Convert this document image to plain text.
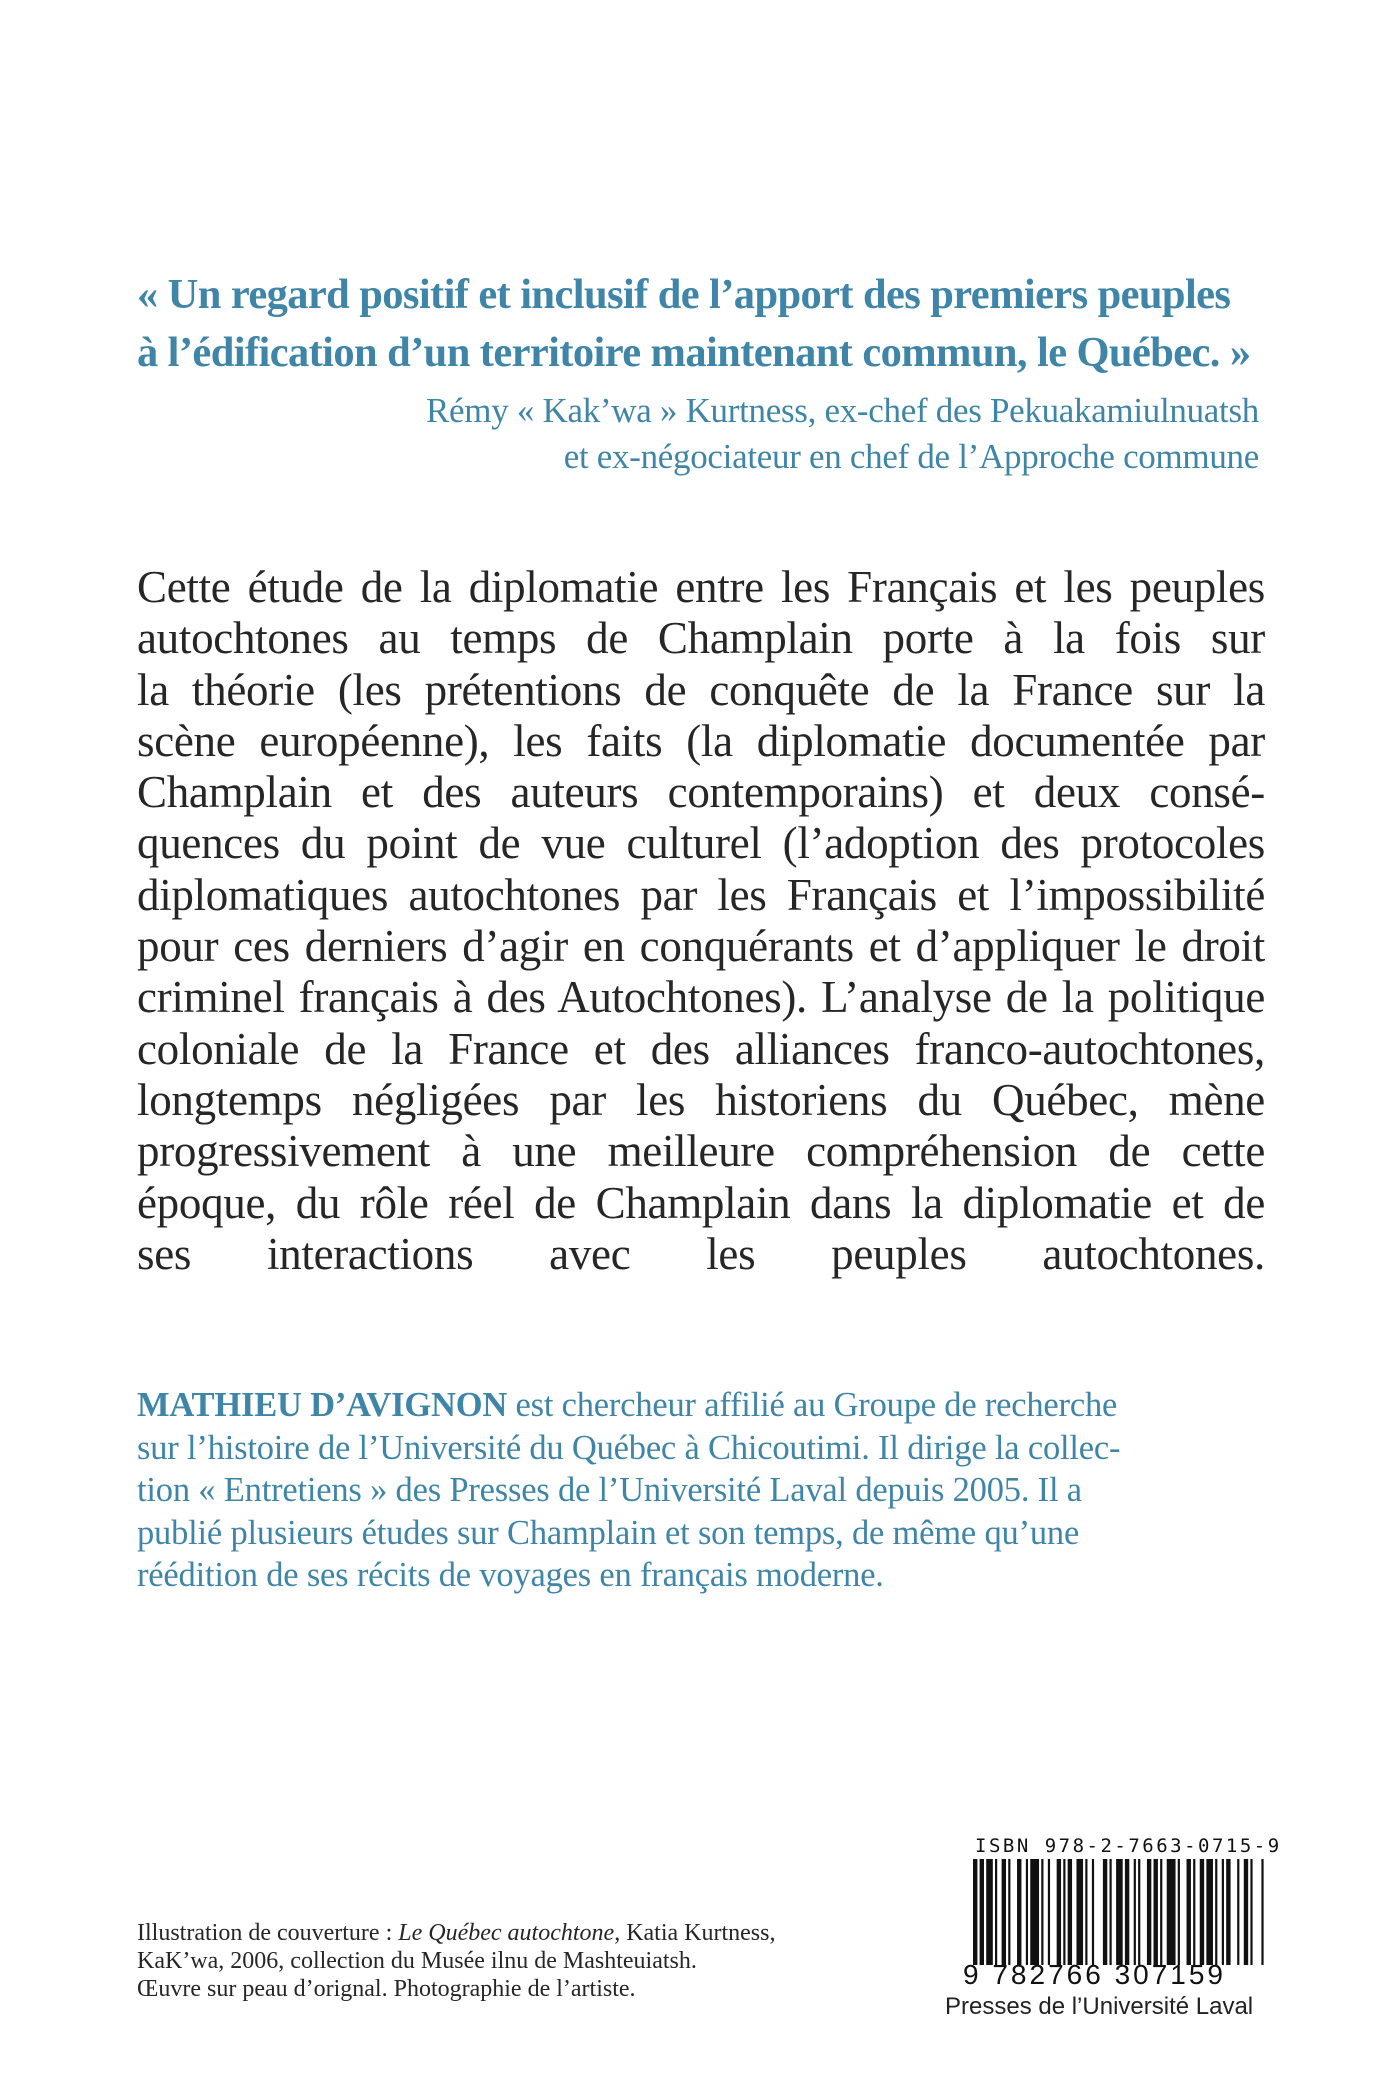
« Un regard positif et inclusif de l’apport des premiers peuples
à l’édification d’un territoire maintenant commun, le Québec. »
Rémy « Kak’wa » Kurtness, ex-chef des Pekuakamiulnuatsh
et ex-négociateur en chef de l’Approche commune
Cette étude de la diplomatie entre les Français et les peuples
autochtones au temps de Champlain porte à la fois sur
la théorie (les prétentions de conquête de la France sur la
scène européenne), les faits (la diplomatie documentée par
Champlain et des auteurs contemporains) et deux consé-
quences du point de vue culturel (l’adoption des protocoles
diplomatiques autochtones par les Français et l’impossibilité
pour ces derniers d’agir en conquérants et d’appliquer le droit
criminel français à des Autochtones). L’analyse de la politique
coloniale de la France et des alliances franco-autochtones,
longtemps négligées par les historiens du Québec, mène
progressivement à une meilleure compréhension de cette
époque, du rôle réel de Champlain dans la diplomatie et de
ses interactions avec les peuples autochtones.
MATHIEU D’AVIGNON est chercheur affilié au Groupe de recherche
sur l’histoire de l’Université du Québec à Chicoutimi. Il dirige la collec-
tion « Entretiens » des Presses de l’Université Laval depuis 2005. Il a
publié plusieurs études sur Champlain et son temps, de même qu’une
réédition de ses récits de voyages en français moderne.
Illustration de couverture : Le Québec autochtone, Katia Kurtness,
KaK’wa, 2006, collection du Musée ilnu de Mashteuiatsh.
Œuvre sur peau d’orignal. Photographie de l’artiste.
ISBN 978-2-7663-0715-9
9 782766 307159
Presses de l’Université Laval
